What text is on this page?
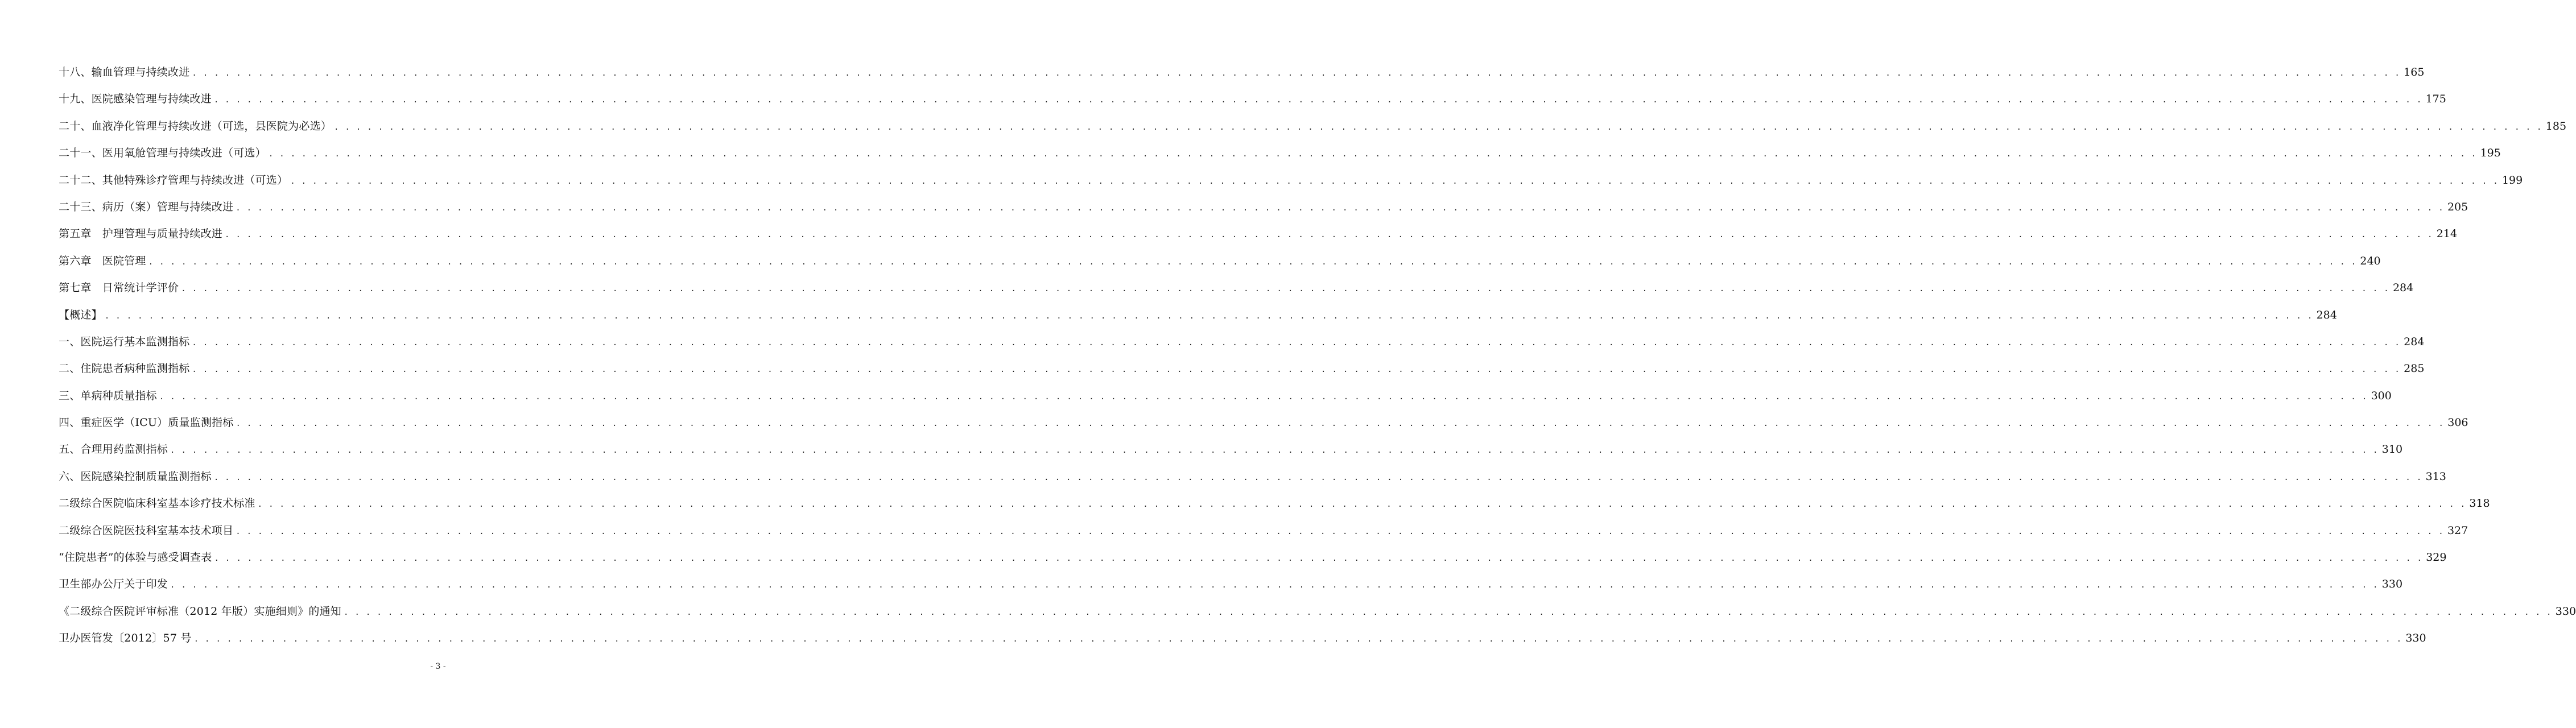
十八、输血管理与持续改进 . . . . . . . . . . . . . . . . . . . . . . . . . . . . . . . . . . . . . . . . . . . . . . . . . . . . . . . . . . . . . . . . . . . . . . . . . . . . . . . . . . . . . . . . . . . . . . . . . . . . . . . . . . . . . . . . . . . . . . . . . . . . . . . . . . . . . . . . . . . . . . . . . . . . . . . . . . . . . . . . . . . . . . . . . . . . . . . . . . . . . . . . . . . . . . . . . . . . . . . . 165
十九、医院感染管理与持续改进 . . . . . . . . . . . . . . . . . . . . . . . . . . . . . . . . . . . . . . . . . . . . . . . . . . . . . . . . . . . . . . . . . . . . . . . . . . . . . . . . . . . . . . . . . . . . . . . . . . . . . . . . . . . . . . . . . . . . . . . . . . . . . . . . . . . . . . . . . . . . . . . . . . . . . . . . . . . . . . . . . . . . . . . . . . . . . . . . . . . . . . . . . . . . . . . . . . . . . . . . 175
二十、血液净化管理与持续改进（可选，县医院为必选） . . . . . . . . . . . . . . . . . . . . . . . . . . . . . . . . . . . . . . . . . . . . . . . . . . . . . . . . . . . . . . . . . . . . . . . . . . . . . . . . . . . . . . . . . . . . . . . . . . . . . . . . . . . . . . . . . . . . . . . . . . . . . . . . . . . . . . . . . . . . . . . . . . . . . . . . . . . . . . . . . . . . . . . . . . . . . . . . . . . . . . . . . . . . . . . . . . . . . . . . 185
二十一、医用氧舱管理与持续改进（可选） . . . . . . . . . . . . . . . . . . . . . . . . . . . . . . . . . . . . . . . . . . . . . . . . . . . . . . . . . . . . . . . . . . . . . . . . . . . . . . . . . . . . . . . . . . . . . . . . . . . . . . . . . . . . . . . . . . . . . . . . . . . . . . . . . . . . . . . . . . . . . . . . . . . . . . . . . . . . . . . . . . . . . . . . . . . . . . . . . . . . . . . . . . . . . . . . . . . . . . . . 195
二十二、其他特殊诊疗管理与持续改进（可选） . . . . . . . . . . . . . . . . . . . . . . . . . . . . . . . . . . . . . . . . . . . . . . . . . . . . . . . . . . . . . . . . . . . . . . . . . . . . . . . . . . . . . . . . . . . . . . . . . . . . . . . . . . . . . . . . . . . . . . . . . . . . . . . . . . . . . . . . . . . . . . . . . . . . . . . . . . . . . . . . . . . . . . . . . . . . . . . . . . . . . . . . . . . . . . . . . . . . . . . . 199
二十三、病历（案）管理与持续改进 . . . . . . . . . . . . . . . . . . . . . . . . . . . . . . . . . . . . . . . . . . . . . . . . . . . . . . . . . . . . . . . . . . . . . . . . . . . . . . . . . . . . . . . . . . . . . . . . . . . . . . . . . . . . . . . . . . . . . . . . . . . . . . . . . . . . . . . . . . . . . . . . . . . . . . . . . . . . . . . . . . . . . . . . . . . . . . . . . . . . . . . . . . . . . . . . . . . . . . . . 205
第五章　护理管理与质量持续改进 . . . . . . . . . . . . . . . . . . . . . . . . . . . . . . . . . . . . . . . . . . . . . . . . . . . . . . . . . . . . . . . . . . . . . . . . . . . . . . . . . . . . . . . . . . . . . . . . . . . . . . . . . . . . . . . . . . . . . . . . . . . . . . . . . . . . . . . . . . . . . . . . . . . . . . . . . . . . . . . . . . . . . . . . . . . . . . . . . . . . . . . . . . . . . . . . . . . . . . . . 214
第六章　医院管理 . . . . . . . . . . . . . . . . . . . . . . . . . . . . . . . . . . . . . . . . . . . . . . . . . . . . . . . . . . . . . . . . . . . . . . . . . . . . . . . . . . . . . . . . . . . . . . . . . . . . . . . . . . . . . . . . . . . . . . . . . . . . . . . . . . . . . . . . . . . . . . . . . . . . . . . . . . . . . . . . . . . . . . . . . . . . . . . . . . . . . . . . . . . . . . . . . . . . . . . . 240
第七章　日常统计学评价 . . . . . . . . . . . . . . . . . . . . . . . . . . . . . . . . . . . . . . . . . . . . . . . . . . . . . . . . . . . . . . . . . . . . . . . . . . . . . . . . . . . . . . . . . . . . . . . . . . . . . . . . . . . . . . . . . . . . . . . . . . . . . . . . . . . . . . . . . . . . . . . . . . . . . . . . . . . . . . . . . . . . . . . . . . . . . . . . . . . . . . . . . . . . . . . . . . . . . . . . 284
【概述】 . . . . . . . . . . . . . . . . . . . . . . . . . . . . . . . . . . . . . . . . . . . . . . . . . . . . . . . . . . . . . . . . . . . . . . . . . . . . . . . . . . . . . . . . . . . . . . . . . . . . . . . . . . . . . . . . . . . . . . . . . . . . . . . . . . . . . . . . . . . . . . . . . . . . . . . . . . . . . . . . . . . . . . . . . . . . . . . . . . . . . . . . . . . . . . . . . . . . . . . . 284
一、医院运行基本监测指标 . . . . . . . . . . . . . . . . . . . . . . . . . . . . . . . . . . . . . . . . . . . . . . . . . . . . . . . . . . . . . . . . . . . . . . . . . . . . . . . . . . . . . . . . . . . . . . . . . . . . . . . . . . . . . . . . . . . . . . . . . . . . . . . . . . . . . . . . . . . . . . . . . . . . . . . . . . . . . . . . . . . . . . . . . . . . . . . . . . . . . . . . . . . . . . . . . . . . . . . . 284
二、住院患者病种监测指标 . . . . . . . . . . . . . . . . . . . . . . . . . . . . . . . . . . . . . . . . . . . . . . . . . . . . . . . . . . . . . . . . . . . . . . . . . . . . . . . . . . . . . . . . . . . . . . . . . . . . . . . . . . . . . . . . . . . . . . . . . . . . . . . . . . . . . . . . . . . . . . . . . . . . . . . . . . . . . . . . . . . . . . . . . . . . . . . . . . . . . . . . . . . . . . . . . . . . . . . . 285
三、单病种质量指标 . . . . . . . . . . . . . . . . . . . . . . . . . . . . . . . . . . . . . . . . . . . . . . . . . . . . . . . . . . . . . . . . . . . . . . . . . . . . . . . . . . . . . . . . . . . . . . . . . . . . . . . . . . . . . . . . . . . . . . . . . . . . . . . . . . . . . . . . . . . . . . . . . . . . . . . . . . . . . . . . . . . . . . . . . . . . . . . . . . . . . . . . . . . . . . . . . . . . . . . . 300
四、重症医学（ICU）质量监测指标 . . . . . . . . . . . . . . . . . . . . . . . . . . . . . . . . . . . . . . . . . . . . . . . . . . . . . . . . . . . . . . . . . . . . . . . . . . . . . . . . . . . . . . . . . . . . . . . . . . . . . . . . . . . . . . . . . . . . . . . . . . . . . . . . . . . . . . . . . . . . . . . . . . . . . . . . . . . . . . . . . . . . . . . . . . . . . . . . . . . . . . . . . . . . . . . . . . . . . . . . 306
五、合理用药监测指标 . . . . . . . . . . . . . . . . . . . . . . . . . . . . . . . . . . . . . . . . . . . . . . . . . . . . . . . . . . . . . . . . . . . . . . . . . . . . . . . . . . . . . . . . . . . . . . . . . . . . . . . . . . . . . . . . . . . . . . . . . . . . . . . . . . . . . . . . . . . . . . . . . . . . . . . . . . . . . . . . . . . . . . . . . . . . . . . . . . . . . . . . . . . . . . . . . . . . . . . . 310
六、医院感染控制质量监测指标 . . . . . . . . . . . . . . . . . . . . . . . . . . . . . . . . . . . . . . . . . . . . . . . . . . . . . . . . . . . . . . . . . . . . . . . . . . . . . . . . . . . . . . . . . . . . . . . . . . . . . . . . . . . . . . . . . . . . . . . . . . . . . . . . . . . . . . . . . . . . . . . . . . . . . . . . . . . . . . . . . . . . . . . . . . . . . . . . . . . . . . . . . . . . . . . . . . . . . . . . 313
二级综合医院临床科室基本诊疗技术标准 . . . . . . . . . . . . . . . . . . . . . . . . . . . . . . . . . . . . . . . . . . . . . . . . . . . . . . . . . . . . . . . . . . . . . . . . . . . . . . . . . . . . . . . . . . . . . . . . . . . . . . . . . . . . . . . . . . . . . . . . . . . . . . . . . . . . . . . . . . . . . . . . . . . . . . . . . . . . . . . . . . . . . . . . . . . . . . . . . . . . . . . . . . . . . . . . . . . . . . . . 318
二级综合医院医技科室基本技术项目 . . . . . . . . . . . . . . . . . . . . . . . . . . . . . . . . . . . . . . . . . . . . . . . . . . . . . . . . . . . . . . . . . . . . . . . . . . . . . . . . . . . . . . . . . . . . . . . . . . . . . . . . . . . . . . . . . . . . . . . . . . . . . . . . . . . . . . . . . . . . . . . . . . . . . . . . . . . . . . . . . . . . . . . . . . . . . . . . . . . . . . . . . . . . . . . . . . . . . . . . 327
“住院患者”的体验与感受调查表 . . . . . . . . . . . . . . . . . . . . . . . . . . . . . . . . . . . . . . . . . . . . . . . . . . . . . . . . . . . . . . . . . . . . . . . . . . . . . . . . . . . . . . . . . . . . . . . . . . . . . . . . . . . . . . . . . . . . . . . . . . . . . . . . . . . . . . . . . . . . . . . . . . . . . . . . . . . . . . . . . . . . . . . . . . . . . . . . . . . . . . . . . . . . . . . . . . . . . . . . 329
卫生部办公厅关于印发 . . . . . . . . . . . . . . . . . . . . . . . . . . . . . . . . . . . . . . . . . . . . . . . . . . . . . . . . . . . . . . . . . . . . . . . . . . . . . . . . . . . . . . . . . . . . . . . . . . . . . . . . . . . . . . . . . . . . . . . . . . . . . . . . . . . . . . . . . . . . . . . . . . . . . . . . . . . . . . . . . . . . . . . . . . . . . . . . . . . . . . . . . . . . . . . . . . . . . . . . 330
《二级综合医院评审标准（2012 年版）实施细则》的通知 . . . . . . . . . . . . . . . . . . . . . . . . . . . . . . . . . . . . . . . . . . . . . . . . . . . . . . . . . . . . . . . . . . . . . . . . . . . . . . . . . . . . . . . . . . . . . . . . . . . . . . . . . . . . . . . . . . . . . . . . . . . . . . . . . . . . . . . . . . . . . . . . . . . . . . . . . . . . . . . . . . . . . . . . . . . . . . . . . . . . . . . . . . . . . . . . . . . . . . . . 330
卫办医管发〔2012〕57 号 . . . . . . . . . . . . . . . . . . . . . . . . . . . . . . . . . . . . . . . . . . . . . . . . . . . . . . . . . . . . . . . . . . . . . . . . . . . . . . . . . . . . . . . . . . . . . . . . . . . . . . . . . . . . . . . . . . . . . . . . . . . . . . . . . . . . . . . . . . . . . . . . . . . . . . . . . . . . . . . . . . . . . . . . . . . . . . . . . . . . . . . . . . . . . . . . . . . . . . . . 330
- 3 -
